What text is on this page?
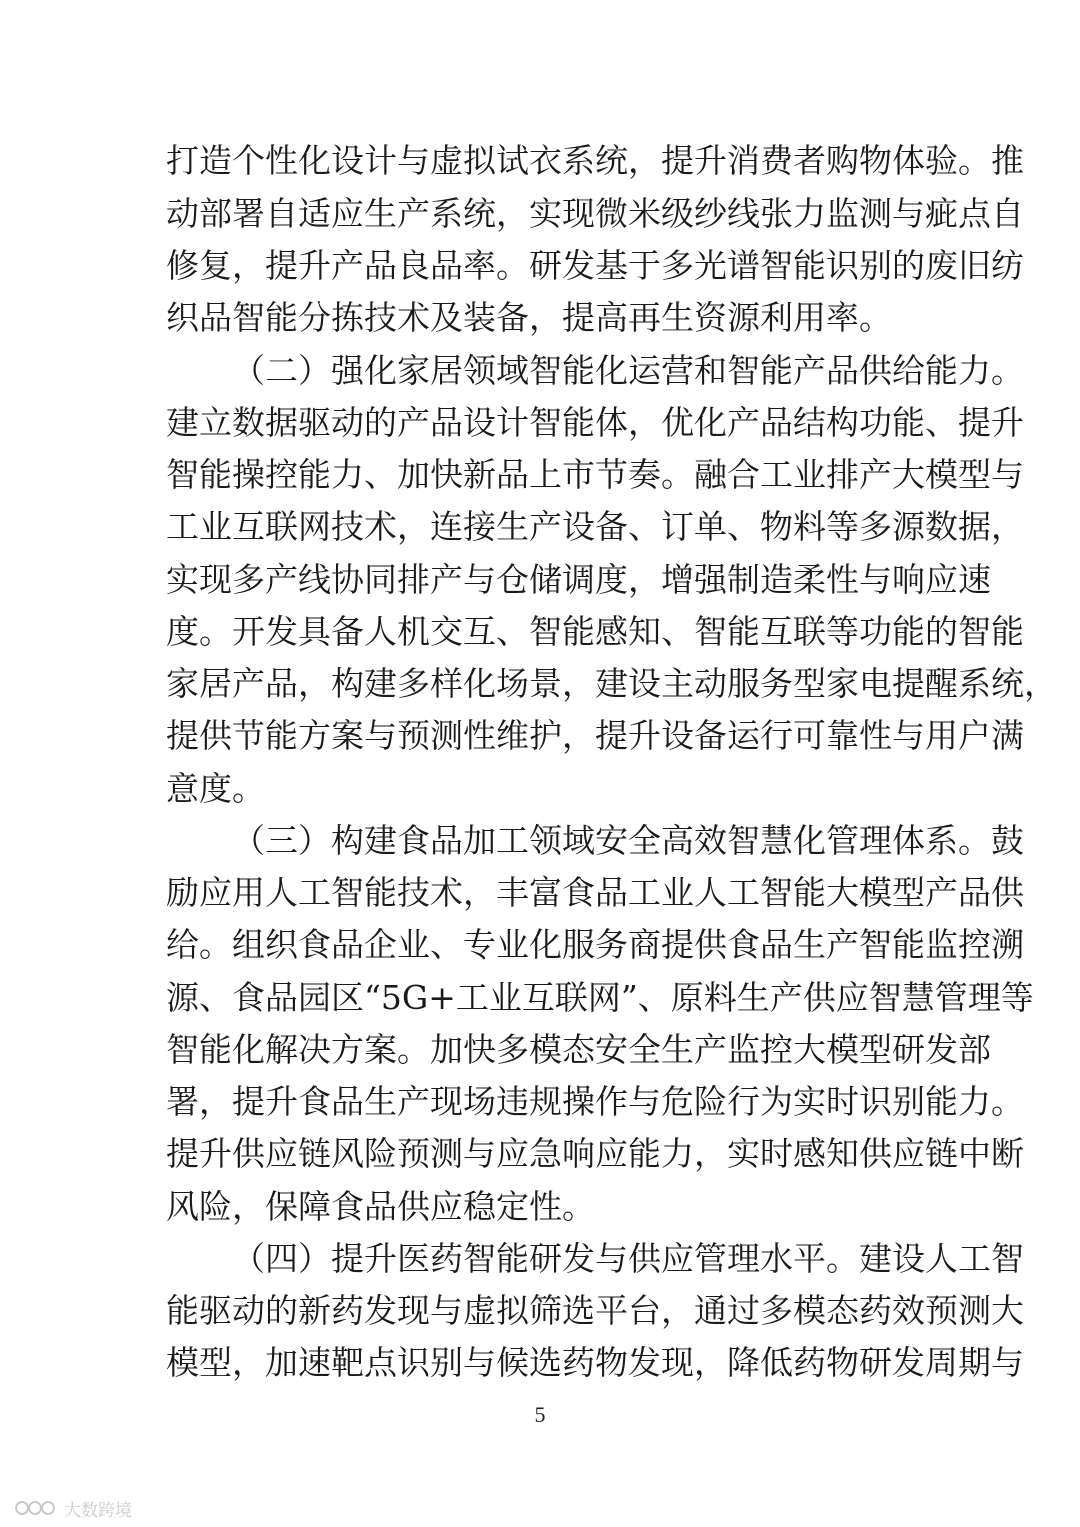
打造个性化设计与虚拟试衣系统，提升消费者购物体验。推
动部署自适应生产系统，实现微米级纱线张力监测与疵点自
修复，提升产品良品率。研发基于多光谱智能识别的废旧纺
织品智能分拣技术及装备，提高再生资源利用率。
（二）强化家居领域智能化运营和智能产品供给能力。
建立数据驱动的产品设计智能体，优化产品结构功能、提升
智能操控能力、加快新品上市节奏。融合工业排产大模型与
工业互联网技术，连接生产设备、订单、物料等多源数据，
实现多产线协同排产与仓储调度，增强制造柔性与响应速
度。开发具备人机交互、智能感知、智能互联等功能的智能
家居产品，构建多样化场景，建设主动服务型家电提醒系统，
提供节能方案与预测性维护，提升设备运行可靠性与用户满
意度。
（三）构建食品加工领域安全高效智慧化管理体系。鼓
励应用人工智能技术，丰富食品工业人工智能大模型产品供
给。组织食品企业、专业化服务商提供食品生产智能监控溯
源、食品园区“5G+工业互联网”、原料生产供应智慧管理等
智能化解决方案。加快多模态安全生产监控大模型研发部
署，提升食品生产现场违规操作与危险行为实时识别能力。
提升供应链风险预测与应急响应能力，实时感知供应链中断
风险，保障食品供应稳定性。
（四）提升医药智能研发与供应管理水平。建设人工智
能驱动的新药发现与虚拟筛选平台，通过多模态药效预测大
模型，加速靶点识别与候选药物发现，降低药物研发周期与
5
大数跨境
